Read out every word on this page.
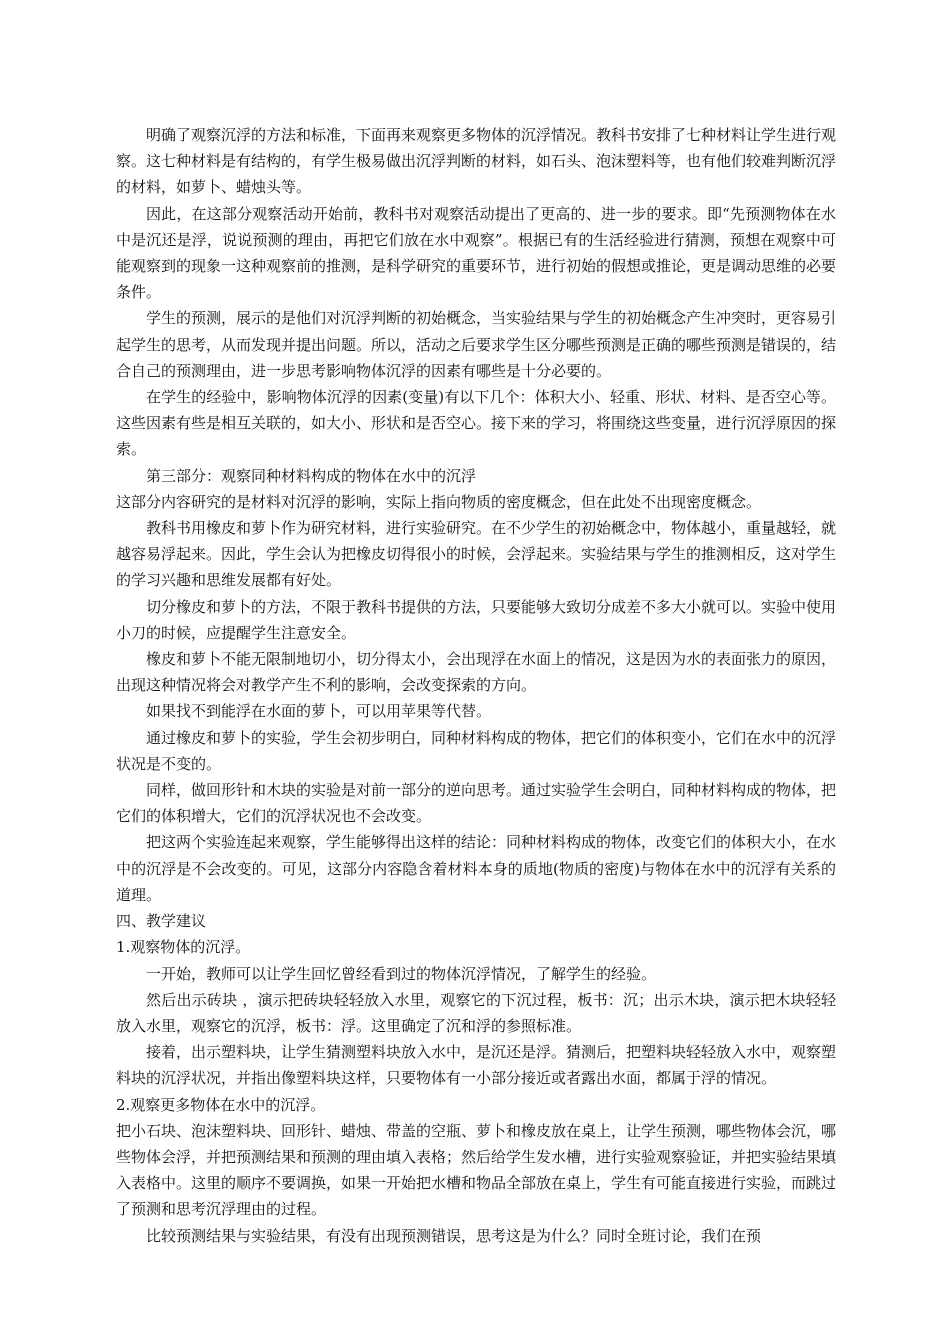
明确了观察沉浮的方法和标准，下面再来观察更多物体的沉浮情况。教科书安排了七种材料让学生进行观察。这七种材料是有结构的，有学生极易做出沉浮判断的材料，如石头、泡沫塑料等，也有他们较难判断沉浮的材料，如萝卜、蜡烛头等。

因此，在这部分观察活动开始前，教科书对观察活动提出了更高的、进一步的要求。即“先预测物体在水中是沉还是浮，说说预测的理由，再把它们放在水中观察”。根据已有的生活经验进行猜测，预想在观察中可能观察到的现象一这种观察前的推测，是科学研究的重要环节，进行初始的假想或推论，更是调动思维的必要条件。

学生的预测，展示的是他们对沉浮判断的初始概念，当实验结果与学生的初始概念产生冲突时，更容易引起学生的思考，从而发现并提出问题。所以，活动之后要求学生区分哪些预测是正确的哪些预测是错误的，结合自己的预测理由，进一步思考影响物体沉浮的因素有哪些是十分必要的。

在学生的经验中，影响物体沉浮的因素(变量)有以下几个：体积大小、轻重、形状、材料、是否空心等。这些因素有些是相互关联的，如大小、形状和是否空心。接下来的学习，将围绕这些变量，进行沉浮原因的探索。

第三部分：观察同种材料构成的物体在水中的沉浮

这部分内容研究的是材料对沉浮的影响，实际上指向物质的密度概念，但在此处不出现密度概念。

教科书用橡皮和萝卜作为研究材料，进行实验研究。在不少学生的初始概念中，物体越小，重量越轻，就越容易浮起来。因此，学生会认为把橡皮切得很小的时候，会浮起来。实验结果与学生的推测相反，这对学生的学习兴趣和思维发展都有好处。

切分橡皮和萝卜的方法，不限于教科书提供的方法，只要能够大致切分成差不多大小就可以。实验中使用小刀的时候，应提醒学生注意安全。

橡皮和萝卜不能无限制地切小，切分得太小，会出现浮在水面上的情况，这是因为水的表面张力的原因，出现这种情况将会对教学产生不利的影响，会改变探索的方向。

如果找不到能浮在水面的萝卜，可以用苹果等代替。

通过橡皮和萝卜的实验，学生会初步明白，同种材料构成的物体，把它们的体积变小，它们在水中的沉浮状况是不变的。

同样，做回形针和木块的实验是对前一部分的逆向思考。通过实验学生会明白，同种材料构成的物体，把它们的体积增大，它们的沉浮状况也不会改变。

把这两个实验连起来观察，学生能够得出这样的结论：同种材料构成的物体，改变它们的体积大小，在水中的沉浮是不会改变的。可见，这部分内容隐含着材料本身的质地(物质的密度)与物体在水中的沉浮有关系的道理。

四、教学建议

1.观察物体的沉浮。

一开始，教师可以让学生回忆曾经看到过的物体沉浮情况，了解学生的经验。

然后出示砖块 ，演示把砖块轻轻放入水里，观察它的下沉过程，板书：沉；出示木块，演示把木块轻轻放入水里，观察它的沉浮，板书：浮。这里确定了沉和浮的参照标准。

接着，出示塑料块，让学生猜测塑料块放入水中，是沉还是浮。猜测后，把塑料块轻轻放入水中，观察塑料块的沉浮状况，并指出像塑料块这样，只要物体有一小部分接近或者露出水面，都属于浮的情况。

2.观察更多物体在水中的沉浮。

把小石块、泡沫塑料块、回形针、蜡烛、带盖的空瓶、萝卜和橡皮放在桌上，让学生预测，哪些物体会沉，哪些物体会浮，并把预测结果和预测的理由填入表格；然后给学生发水槽，进行实验观察验证，并把实验结果填入表格中。这里的顺序不要调换，如果一开始把水槽和物品全部放在桌上，学生有可能直接进行实验，而跳过了预测和思考沉浮理由的过程。

比较预测结果与实验结果，有没有出现预测错误，思考这是为什么？同时全班讨论，我们在预
